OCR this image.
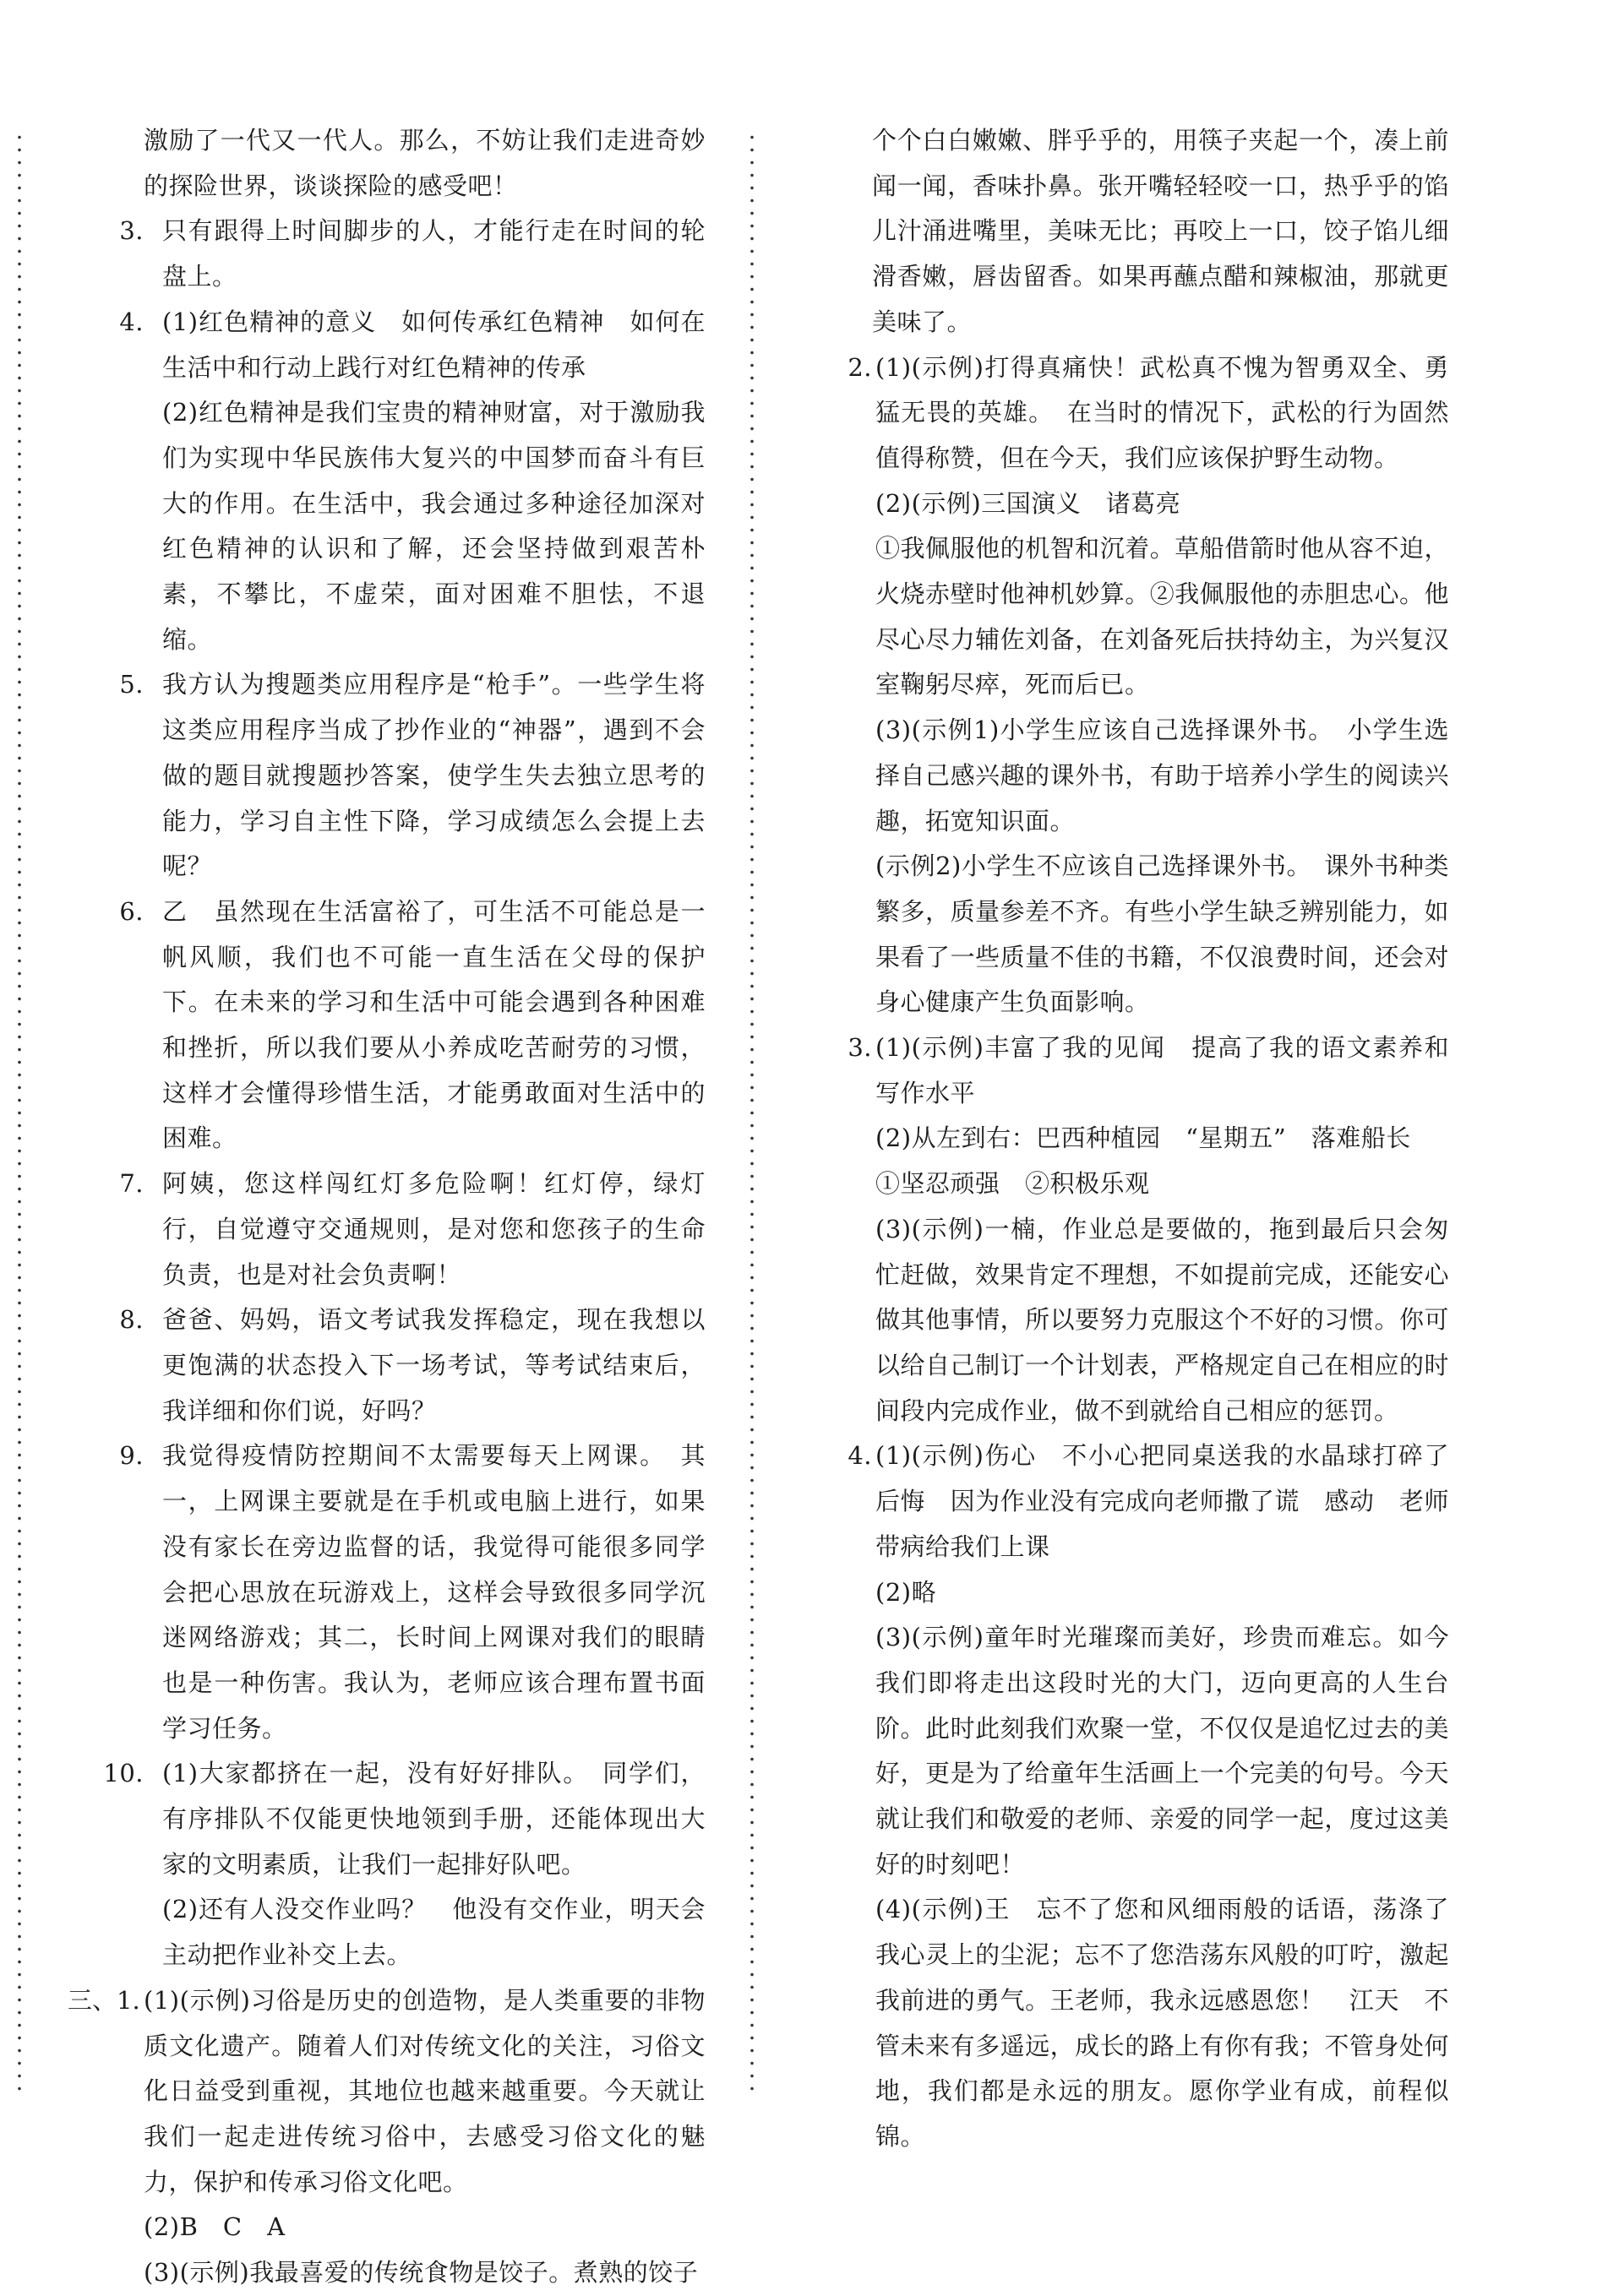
激励了一代又一代人。那么，不妨让我们走进奇妙的探险世界，谈谈探险的感受吧！

3. 只有跟得上时间脚步的人，才能行走在时间的轮盘上。

4. (1)红色精神的意义　如何传承红色精神　如何在生活中和行动上践行对红色精神的传承

(2)红色精神是我们宝贵的精神财富，对于激励我们为实现中华民族伟大复兴的中国梦而奋斗有巨大的作用。在生活中，我会通过多种途径加深对红色精神的认识和了解，还会坚持做到艰苦朴素，不攀比，不虚荣，面对困难不胆怯，不退缩。

5. 我方认为搜题类应用程序是“枪手”。一些学生将这类应用程序当成了抄作业的“神器”，遇到不会做的题目就搜题抄答案，使学生失去独立思考的能力，学习自主性下降，学习成绩怎么会提上去呢？

6. 乙　虽然现在生活富裕了，可生活不可能总是一帆风顺，我们也不可能一直生活在父母的保护下。在未来的学习和生活中可能会遇到各种困难和挫折，所以我们要从小养成吃苦耐劳的习惯，这样才会懂得珍惜生活，才能勇敢面对生活中的困难。

7. 阿姨，您这样闯红灯多危险啊！红灯停，绿灯行，自觉遵守交通规则，是对您和您孩子的生命负责，也是对社会负责啊！

8. 爸爸、妈妈，语文考试我发挥稳定，现在我想以更饱满的状态投入下一场考试，等考试结束后，我详细和你们说，好吗？

9. 我觉得疫情防控期间不太需要每天上网课。　其一，上网课主要就是在手机或电脑上进行，如果没有家长在旁边监督的话，我觉得可能很多同学会把心思放在玩游戏上，这样会导致很多同学沉迷网络游戏；其二，长时间上网课对我们的眼睛也是一种伤害。我认为，老师应该合理布置书面学习任务。

10. (1)大家都挤在一起，没有好好排队。　同学们，有序排队不仅能更快地领到手册，还能体现出大家的文明素质，让我们一起排好队吧。

(2)还有人没交作业吗？　他没有交作业，明天会主动把作业补交上去。

三、1. (1)(示例)习俗是历史的创造物，是人类重要的非物质文化遗产。随着人们对传统文化的关注，习俗文化日益受到重视，其地位也越来越重要。今天就让我们一起走进传统习俗中，去感受习俗文化的魅力，保护和传承习俗文化吧。

(2)B　C　A

(3)(示例)我最喜爱的传统食物是饺子。煮熟的饺子

个个白白嫩嫩、胖乎乎的，用筷子夹起一个，凑上前闻一闻，香味扑鼻。张开嘴轻轻咬一口，热乎乎的馅儿汁涌进嘴里，美味无比；再咬上一口，饺子馅儿细滑香嫩，唇齿留香。如果再蘸点醋和辣椒油，那就更美味了。

2. (1)(示例)打得真痛快！武松真不愧为智勇双全、勇猛无畏的英雄。　在当时的情况下，武松的行为固然值得称赞，但在今天，我们应该保护野生动物。

(2)(示例)三国演义　诸葛亮

①我佩服他的机智和沉着。草船借箭时他从容不迫，火烧赤壁时他神机妙算。②我佩服他的赤胆忠心。他尽心尽力辅佐刘备，在刘备死后扶持幼主，为兴复汉室鞠躬尽瘁，死而后已。

(3)(示例1)小学生应该自己选择课外书。　小学生选择自己感兴趣的课外书，有助于培养小学生的阅读兴趣，拓宽知识面。

(示例2)小学生不应该自己选择课外书。　课外书种类繁多，质量参差不齐。有些小学生缺乏辨别能力，如果看了一些质量不佳的书籍，不仅浪费时间，还会对身心健康产生负面影响。

3. (1)(示例)丰富了我的见闻　提高了我的语文素养和写作水平

(2)从左到右：巴西种植园　“星期五”　落难船长

①坚忍顽强　②积极乐观

(3)(示例)一楠，作业总是要做的，拖到最后只会匆忙赶做，效果肯定不理想，不如提前完成，还能安心做其他事情，所以要努力克服这个不好的习惯。你可以给自己制订一个计划表，严格规定自己在相应的时间段内完成作业，做不到就给自己相应的惩罚。

4. (1)(示例)伤心　不小心把同桌送我的水晶球打碎了　后悔　因为作业没有完成向老师撒了谎　感动　老师带病给我们上课

(2)略

(3)(示例)童年时光璀璨而美好，珍贵而难忘。如今我们即将走出这段时光的大门，迈向更高的人生台阶。此时此刻我们欢聚一堂，不仅仅是追忆过去的美好，更是为了给童年生活画上一个完美的句号。今天就让我们和敬爱的老师、亲爱的同学一起，度过这美好的时刻吧！

(4)(示例)王　忘不了您和风细雨般的话语，荡涤了我心灵上的尘泥；忘不了您浩荡东风般的叮咛，激起我前进的勇气。王老师，我永远感恩您！　江天　不管未来有多遥远，成长的路上有你有我；不管身处何地，我们都是永远的朋友。愿你学业有成，前程似锦。
